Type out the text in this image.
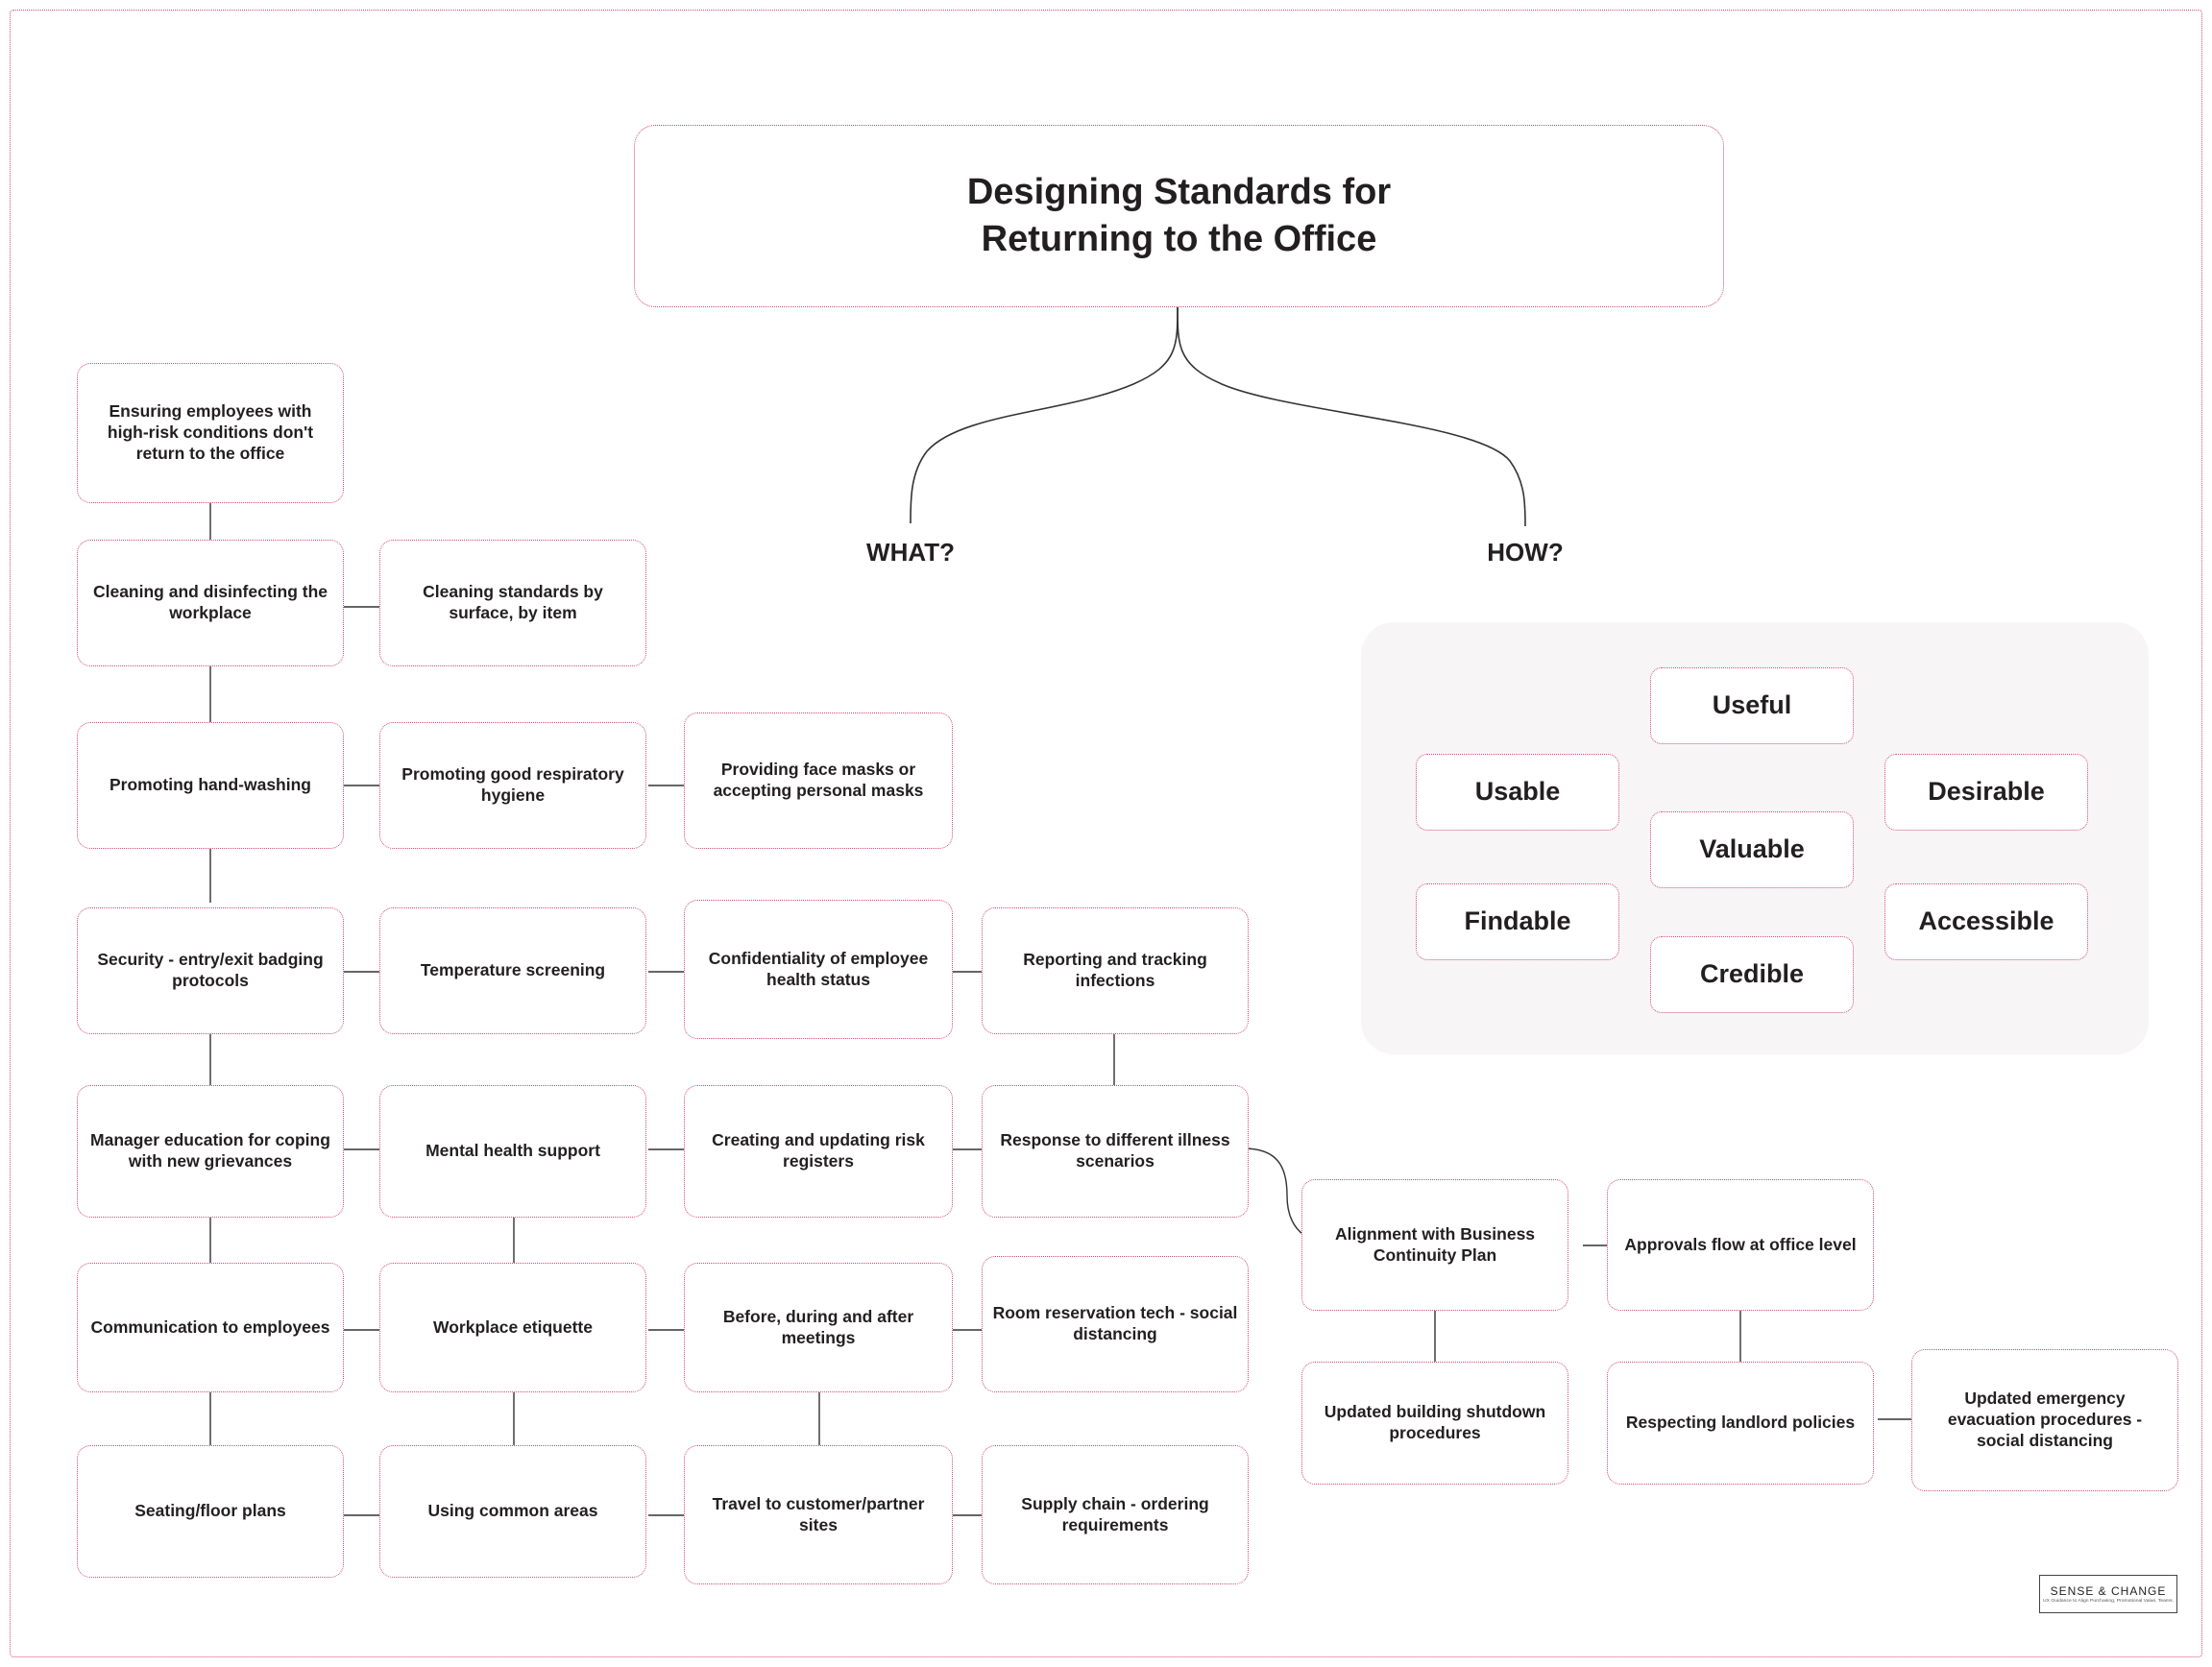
Designing Standards for
Returning to the Office
WHAT?	HOW?
Useful
Usable
Valuable
Desirable
Findable
Credible
Accessible
Ensuring employees with high-risk conditions don't return to the office
Cleaning and disinfecting the workplace
Cleaning standards by surface, by item
Promoting hand-washing
Promoting good respiratory hygiene
Providing face masks or accepting personal masks
Security - entry/exit badging protocols
Temperature screening
Confidentiality of employee health status
Reporting and tracking infections
Manager education for coping with new grievances
Mental health support
Creating and updating risk registers
Response to different illness scenarios
Communication to employees	Workplace etiquette
Before, during and after meetings
Room reservation tech - social distancing
Seating/floor plans	Using common areas	Travel to customer/partner sites
Supply chain - ordering requirements
Alignment with Business Continuity Plan
Approvals flow at office level
Updated building shutdown procedures
Respecting landlord policies
Updated emergency evacuation procedures - social distancing
SENSE & CHANGE
UX Guidance to Align Purchasing, Promotional Value, Teams.
